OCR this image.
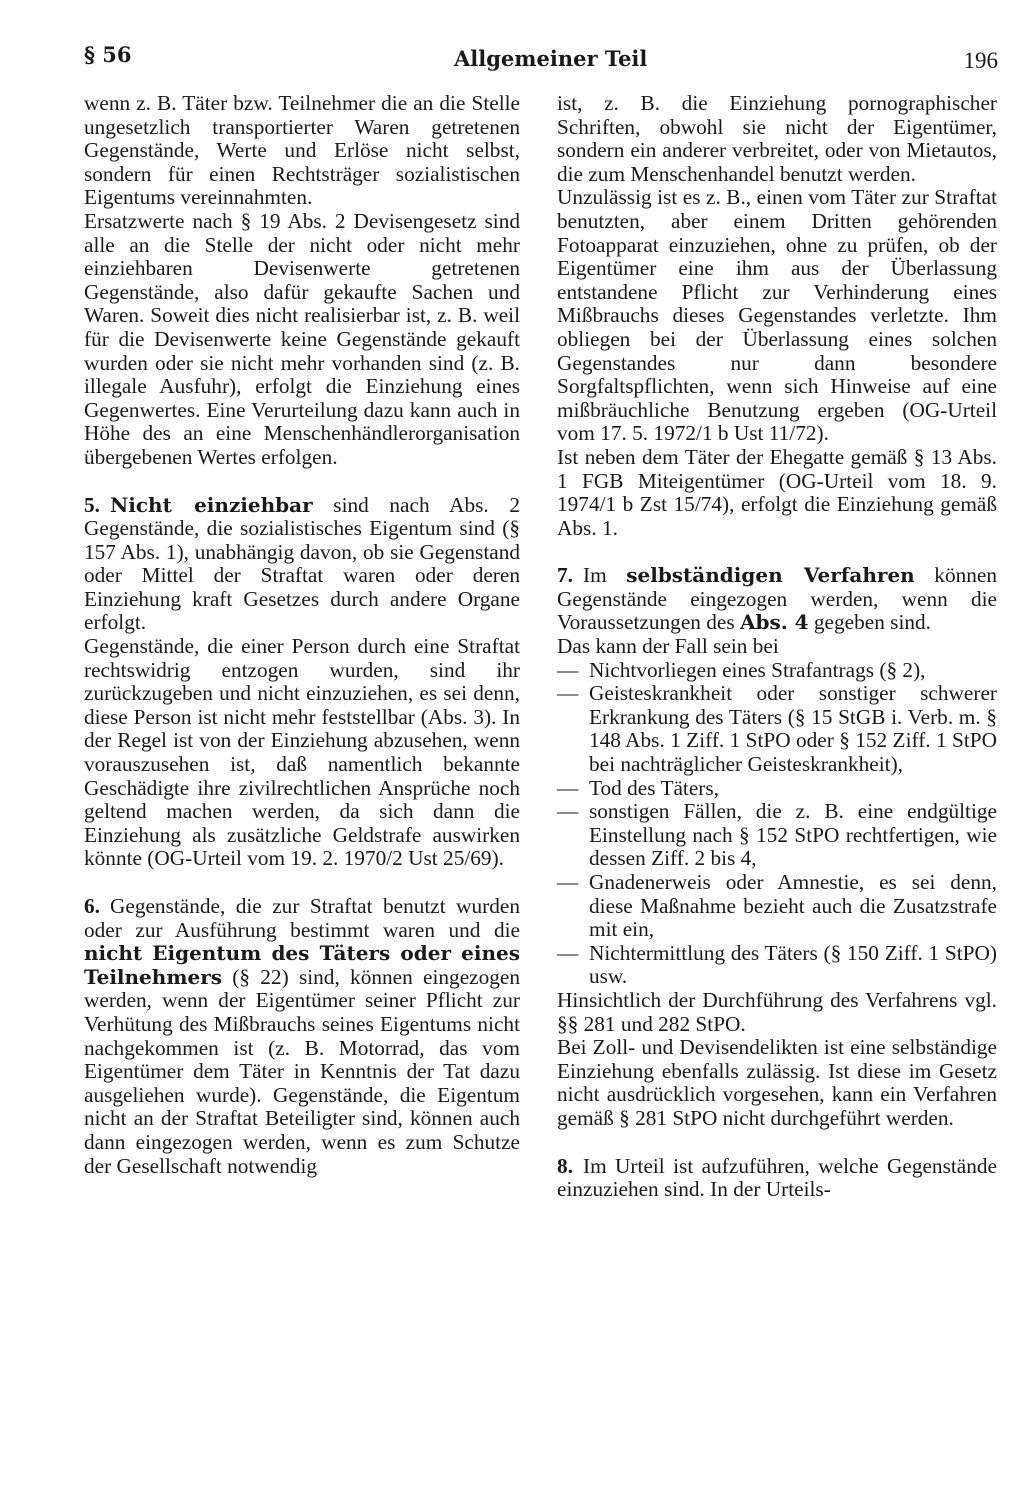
§ 56	Allgemeiner Teil	196

wenn z. B. Täter bzw. Teilnehmer die an die Stelle ungesetzlich transportierter Waren getretenen Gegenstände, Werte und Erlöse nicht selbst, sondern für einen Rechtsträger sozialistischen Eigentums vereinnahmten.

Ersatzwerte nach § 19 Abs. 2 Devisengesetz sind alle an die Stelle der nicht oder nicht mehr einziehbaren Devisenwerte getretenen Gegenstände, also dafür gekaufte Sachen und Waren. Soweit dies nicht realisierbar ist, z. B. weil für die Devisenwerte keine Gegenstände gekauft wurden oder sie nicht mehr vorhanden sind (z. B. illegale Ausfuhr), erfolgt die Einziehung eines Gegenwertes. Eine Verurteilung dazu kann auch in Höhe des an eine Menschenhändlerorganisation übergebenen Wertes erfolgen.

5. Nicht einziehbar sind nach Abs. 2 Gegenstände, die sozialistisches Eigentum sind (§ 157 Abs. 1), unabhängig davon, ob sie Gegenstand oder Mittel der Straftat waren oder deren Einziehung kraft Gesetzes durch andere Organe erfolgt.

Gegenstände, die einer Person durch eine Straftat rechtswidrig entzogen wurden, sind ihr zurückzugeben und nicht einzuziehen, es sei denn, diese Person ist nicht mehr feststellbar (Abs. 3). In der Regel ist von der Einziehung abzusehen, wenn vorauszusehen ist, daß namentlich bekannte Geschädigte ihre zivilrechtlichen Ansprüche noch geltend machen werden, da sich dann die Einziehung als zusätzliche Geldstrafe auswirken könnte (OG-Urteil vom 19. 2. 1970/2 Ust 25/69).

6. Gegenstände, die zur Straftat benutzt wurden oder zur Ausführung bestimmt waren und die nicht Eigentum des Täters oder eines Teilnehmers (§ 22) sind, können eingezogen werden, wenn der Eigentümer seiner Pflicht zur Verhütung des Mißbrauchs seines Eigentums nicht nachgekommen ist (z. B. Motorrad, das vom Eigentümer dem Täter in Kenntnis der Tat dazu ausgeliehen wurde). Gegenstände, die Eigentum nicht an der Straftat Beteiligter sind, können auch dann eingezogen werden, wenn es zum Schutze der Gesellschaft notwendig

ist, z. B. die Einziehung pornographischer Schriften, obwohl sie nicht der Eigentümer, sondern ein anderer verbreitet, oder von Mietautos, die zum Menschenhandel benutzt werden.

Unzulässig ist es z. B., einen vom Täter zur Straftat benutzten, aber einem Dritten gehörenden Fotoapparat einzuziehen, ohne zu prüfen, ob der Eigentümer eine ihm aus der Überlassung entstandene Pflicht zur Verhinderung eines Mißbrauchs dieses Gegenstandes verletzte. Ihm obliegen bei der Überlassung eines solchen Gegenstandes nur dann besondere Sorgfaltspflichten, wenn sich Hinweise auf eine mißbräuchliche Benutzung ergeben (OG-Urteil vom 17. 5. 1972/1 b Ust 11/72).

Ist neben dem Täter der Ehegatte gemäß § 13 Abs. 1 FGB Miteigentümer (OG-Urteil vom 18. 9. 1974/1 b Zst 15/74), erfolgt die Einziehung gemäß Abs. 1.

7. Im selbständigen Verfahren können Gegenstände eingezogen werden, wenn die Voraussetzungen des Abs. 4 gegeben sind.

Das kann der Fall sein bei

— Nichtvorliegen eines Strafantrags (§ 2),
— Geisteskrankheit oder sonstiger schwerer Erkrankung des Täters (§ 15 StGB i. Verb. m. § 148 Abs. 1 Ziff. 1 StPO oder § 152 Ziff. 1 StPO bei nachträglicher Geisteskrankheit),
— Tod des Täters,
— sonstigen Fällen, die z. B. eine endgültige Einstellung nach § 152 StPO rechtfertigen, wie dessen Ziff. 2 bis 4,
— Gnadenerweis oder Amnestie, es sei denn, diese Maßnahme bezieht auch die Zusatzstrafe mit ein,
— Nichtermittlung des Täters (§ 150 Ziff. 1 StPO) usw.

Hinsichtlich der Durchführung des Verfahrens vgl. §§ 281 und 282 StPO.

Bei Zoll- und Devisendelikten ist eine selbständige Einziehung ebenfalls zulässig. Ist diese im Gesetz nicht ausdrücklich vorgesehen, kann ein Verfahren gemäß § 281 StPO nicht durchgeführt werden.

8. Im Urteil ist aufzuführen, welche Gegenstände einzuziehen sind. In der Urteils-
